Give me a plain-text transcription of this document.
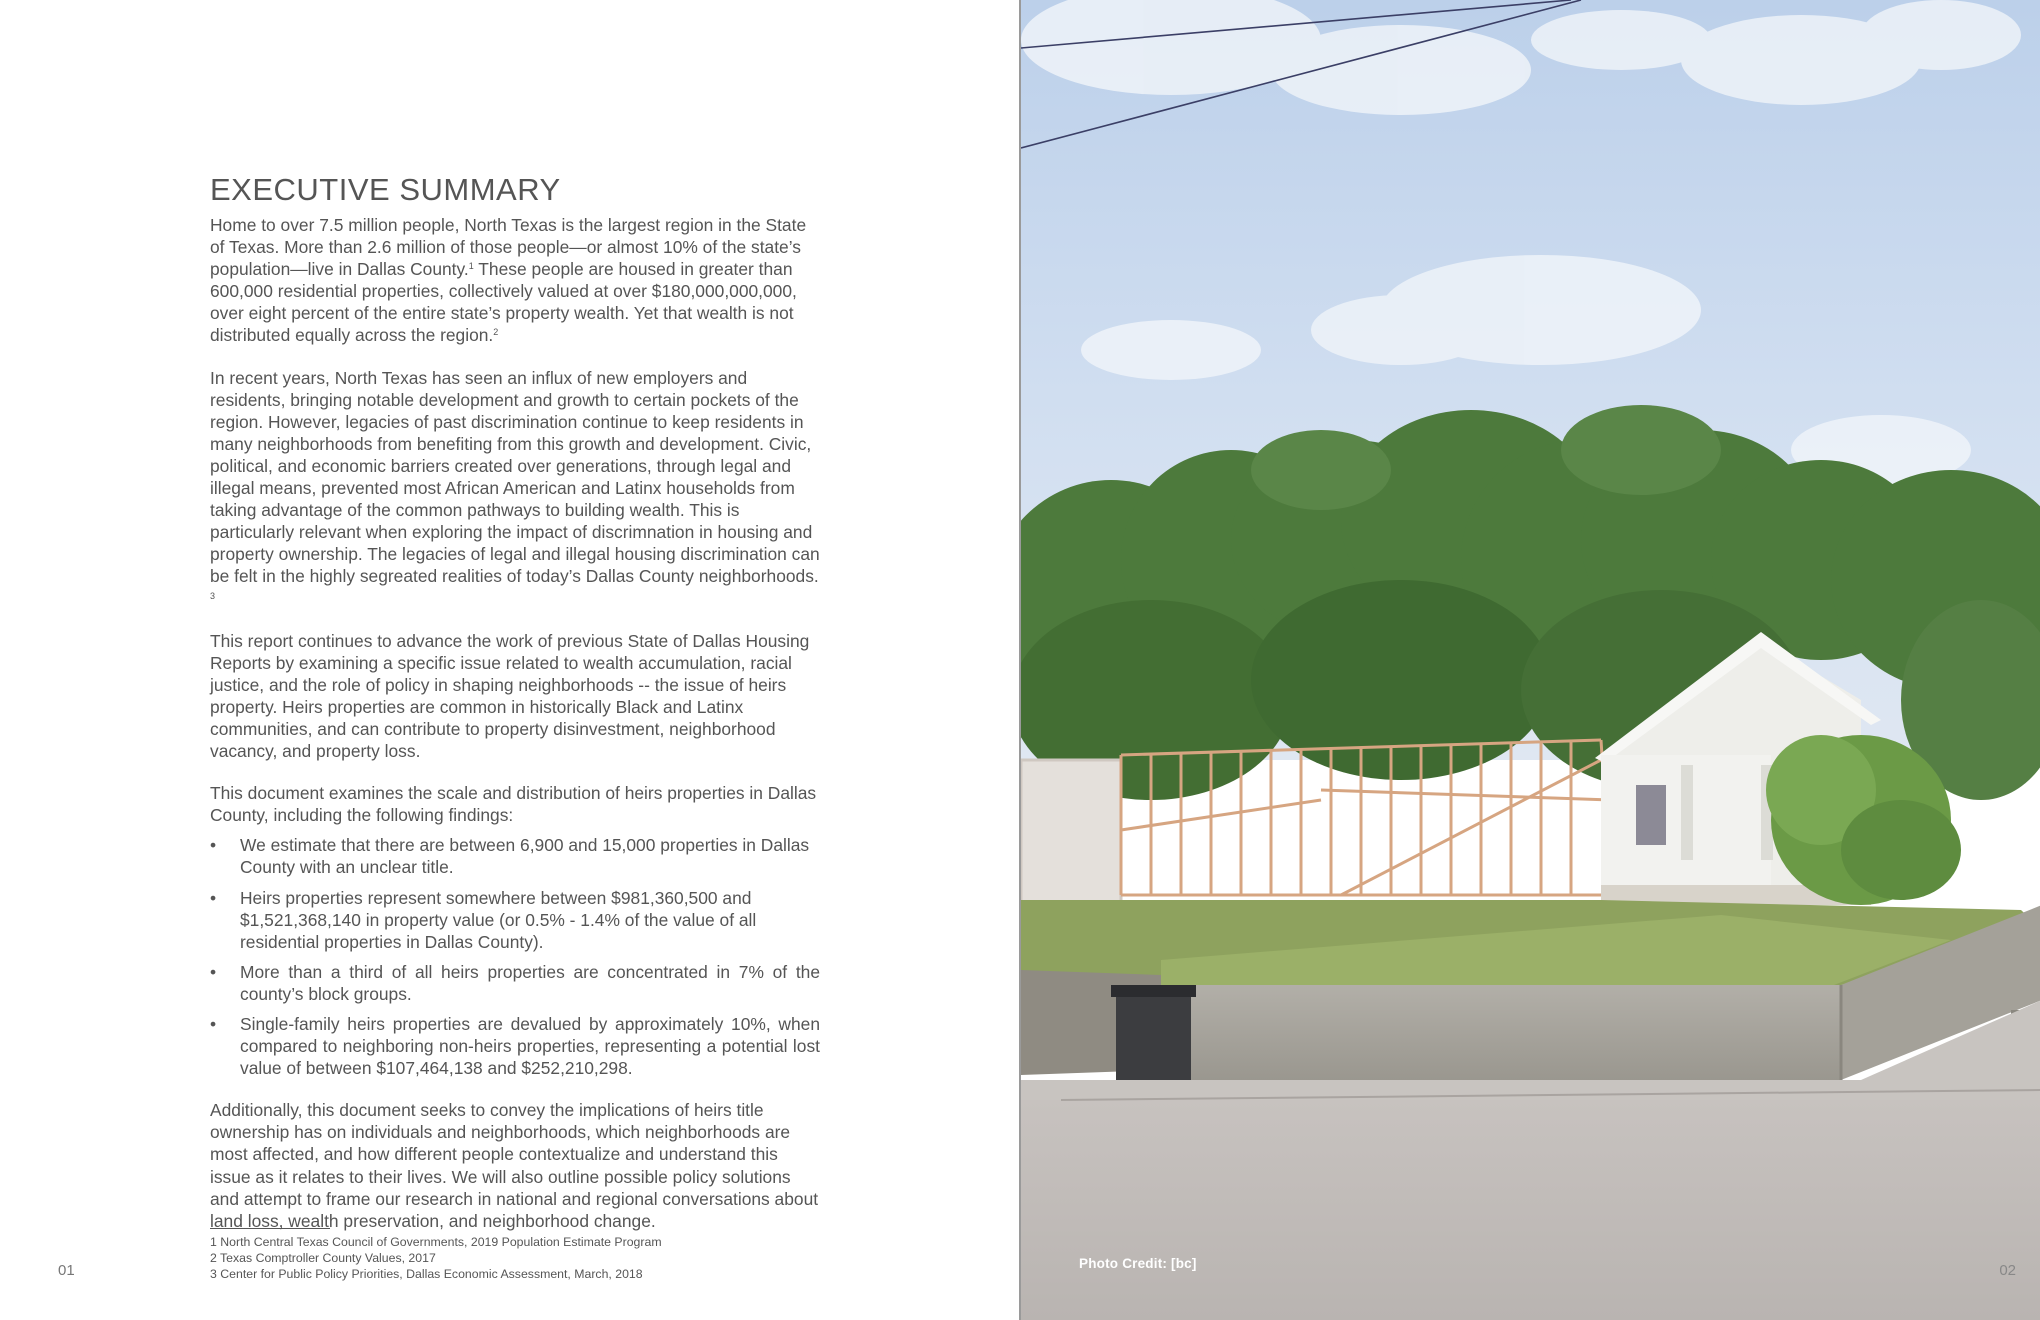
EXECUTIVE SUMMARY

Home to over 7.5 million people, North Texas is the largest region in the State of Texas. More than 2.6 million of those people—or almost 10% of the state’s population—live in Dallas County.$^1$ These people are housed in greater than 600,000 residential properties, collectively valued at over $180,000,000,000, over eight percent of the entire state’s property wealth. Yet that wealth is not distributed equally across the region.$^2$

In recent years, North Texas has seen an influx of new employers and residents, bringing notable development and growth to certain pockets of the region. However, legacies of past discrimination continue to keep residents in many neighborhoods from benefiting from this growth and development. Civic, political, and economic barriers created over generations, through legal and illegal means, prevented most African American and Latinx households from taking advantage of the common pathways to building wealth. This is particularly relevant when exploring the impact of discrimnation in housing and property ownership. The legacies of legal and illegal housing discrimination can be felt in the highly segreated realities of today’s Dallas County neighborhoods. $^3$

This report continues to advance the work of previous State of Dallas Housing Reports by examining a specific issue related to wealth accumulation, racial justice, and the role of policy in shaping neighborhoods -- the issue of heirs property. Heirs properties are common in historically Black and Latinx communities, and can contribute to property disinvestment, neighborhood vacancy, and property loss.

This document examines the scale and distribution of heirs properties in Dallas County, including the following findings:

• We estimate that there are between 6,900 and 15,000 properties in Dallas County with an unclear title.
• Heirs properties represent somewhere between $981,360,500 and $1,521,368,140 in property value (or 0.5% - 1.4% of the value of all residential properties in Dallas County).
• More than a third of all heirs properties are concentrated in 7% of the county’s block groups.
• Single-family heirs properties are devalued by approximately 10%, when compared to neighboring non-heirs properties, representing a potential lost value of between $107,464,138 and $252,210,298.

Additionally, this document seeks to convey the implications of heirs title ownership has on individuals and neighborhoods, which neighborhoods are most affected, and how different people contextualize and understand this issue as it relates to their lives. We will also outline possible policy solutions and attempt to frame our research in national and regional conversations about land loss, wealth preservation, and neighborhood change.

1 North Central Texas Council of Governments, 2019 Population Estimate Program
2 Texas Comptroller County Values, 2017
3 Center for Public Policy Priorities, Dallas Economic Assessment, March, 2018
01	Photo Credit: [bc]	02
